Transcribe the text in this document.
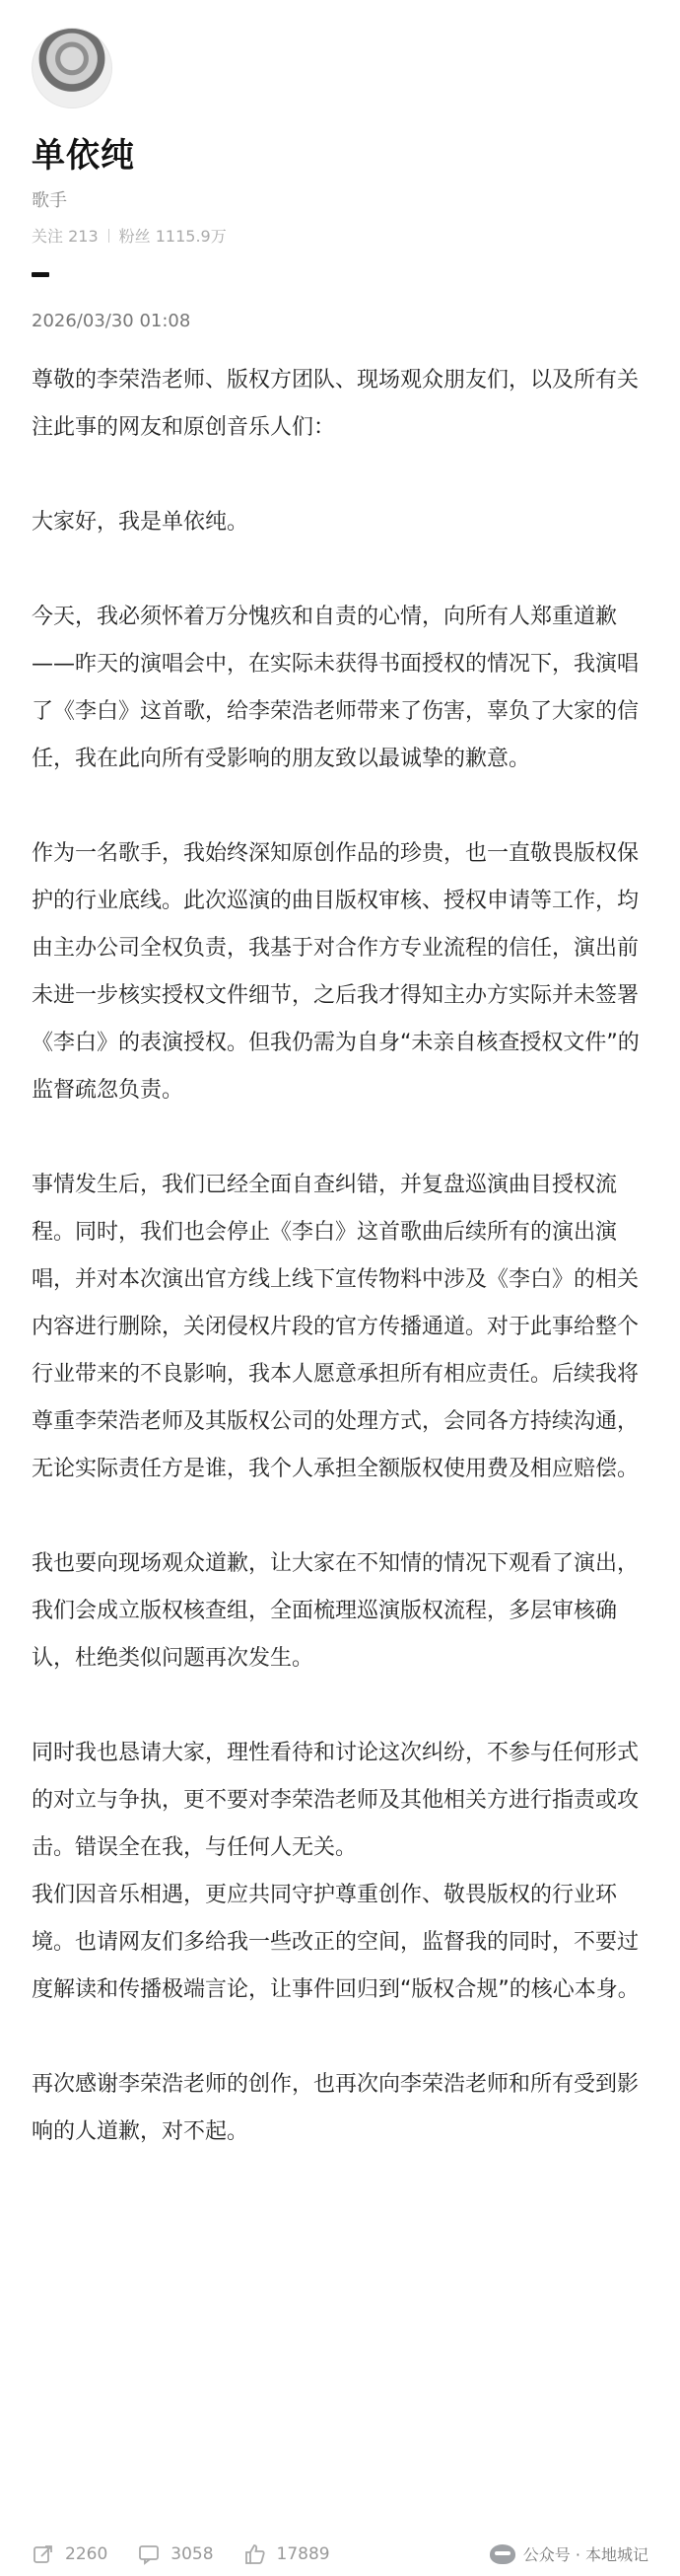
单依纯
歌手
关注 213 粉丝 1115.9万
2026/03/30 01:08

尊敬的李荣浩老师、版权方团队、现场观众朋友们，以及所有关注此事的网友和原创音乐人们：

大家好，我是单依纯。

今天，我必须怀着万分愧疚和自责的心情，向所有人郑重道歉——昨天的演唱会中，在实际未获得书面授权的情况下，我演唱了《李白》这首歌，给李荣浩老师带来了伤害，辜负了大家的信任，我在此向所有受影响的朋友致以最诚挚的歉意。

作为一名歌手，我始终深知原创作品的珍贵，也一直敬畏版权保护的行业底线。此次巡演的曲目版权审核、授权申请等工作，均由主办公司全权负责，我基于对合作方专业流程的信任，演出前未进一步核实授权文件细节，之后我才得知主办方实际并未签署《李白》的表演授权。但我仍需为自身“未亲自核查授权文件”的监督疏忽负责。

事情发生后，我们已经全面自查纠错，并复盘巡演曲目授权流程。同时，我们也会停止《李白》这首歌曲后续所有的演出演唱，并对本次演出官方线上线下宣传物料中涉及《李白》的相关内容进行删除，关闭侵权片段的官方传播通道。对于此事给整个行业带来的不良影响，我本人愿意承担所有相应责任。后续我将尊重李荣浩老师及其版权公司的处理方式，会同各方持续沟通，无论实际责任方是谁，我个人承担全额版权使用费及相应赔偿。

我也要向现场观众道歉，让大家在不知情的情况下观看了演出，我们会成立版权核查组，全面梳理巡演版权流程，多层审核确认，杜绝类似问题再次发生。

同时我也恳请大家，理性看待和讨论这次纠纷，不参与任何形式的对立与争执，更不要对李荣浩老师及其他相关方进行指责或攻击。错误全在我，与任何人无关。

我们因音乐相遇，更应共同守护尊重创作、敬畏版权的行业环境。也请网友们多给我一些改正的空间，监督我的同时，不要过度解读和传播极端言论，让事件回归到“版权合规”的核心本身。

再次感谢李荣浩老师的创作，也再次向李荣浩老师和所有受到影响的人道歉，对不起。

2260	3058	17889	公众号 · 本地城记
